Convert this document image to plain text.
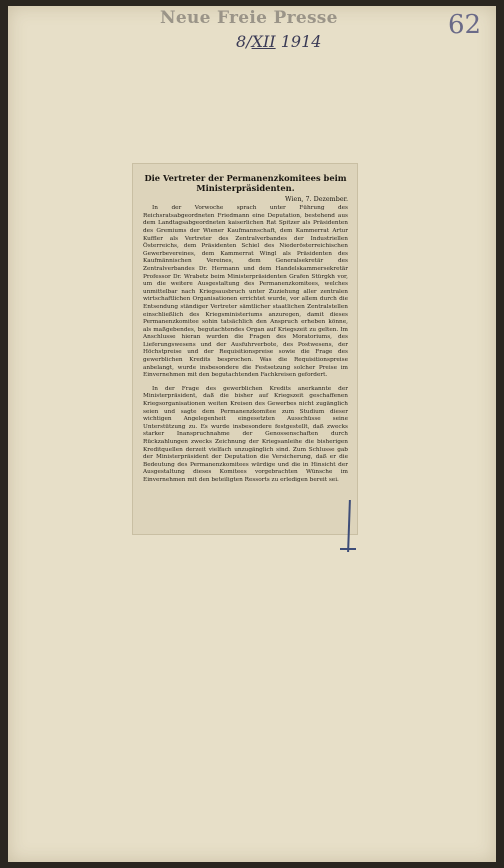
Neue Freie Presse
8/XII 1914
62
Die Vertreter der Permanenzkomitees beim Ministerpräsidenten.
Wien, 7. Dezember.

In der Vorwoche sprach unter Führung des Reichsratsabgeordneten Friedmann eine Deputation, bestehend aus dem Landtagsabgeordneten kaiserlichen Rat Spitzer als Präsidenten des Gremiums der Wiener Kaufmannschaft, dem Kammerrat Artur Kuffler als Vertreter des Zentralverbandes der Industriellen Österreichs, dem Präsidenten Schiel des Niederösterreichischen Gewerbevereines, dem Kammerrat Wingl als Präsidenten des Kaufmännischen Vereines, dem Generalsekretär des Zentralverbandes Dr. Hermann und dem Handelskammersekretär Professor Dr. Wrabetz beim Ministerpräsidenten Grafen Stürgkh vor, um die weitere Ausgestaltung des Permanenzkomitees, welches unmittelbar nach Kriegsausbruch unter Zuziehung aller zentralen wirtschaftlichen Organisationen errichtet wurde, vor allem durch die Entsendung ständiger Vertreter sämtlicher staatlichen Zentralstellen einschließlich des Kriegsministeriums anzuregen, damit dieses Permanenzkomitee sohin tatsächlich den Anspruch erheben könne, als maßgebendes, begutachtendes Organ auf Kriegszeit zu gelten. Im Anschlusse hieran wurden die Fragen des Moratoriums, des Lieferungswesens und der Ausfuhrverbote, des Postwesens, der Höchstpreise und der Requisitionspreise sowie die Frage des gewerblichen Kredits besprochen. Was die Requisitionspreise anbelangt, wurde insbesondere die Festsetzung solcher Preise im Einvernehmen mit den begutachtenden Fachkreisen gefordert.

In der Frage des gewerblichen Kredits anerkannte der Ministerpräsident, daß die bisher auf Kriegszeit geschaffenen Kriegsorganisationen weiten Kreisen des Gewerbes nicht zugänglich seien und sagte dem Permanenzkomitee zum Studium dieser wichtigen Angelegenheit eingesetzten Ausschüsse seine Unterstützung zu. Es wurde insbesondere festgestellt, daß zwecks starker Inanspruchnahme der Genossenschaften durch Rückzahlungen zwecks Zeichnung der Kriegsanleihe die bisherigen Kreditquellen derzeit vielfach unzugänglich sind. Zum Schlusse gab der Ministerpräsident der Deputation die Versicherung, daß er die Bedeutung des Permanenzkomitees würdige und die in Hinsicht der Ausgestaltung dieses Komitees vorgebrachten Wünsche im Einvernehmen mit den beteiligten Ressorts zu erledigen bereit sei.
